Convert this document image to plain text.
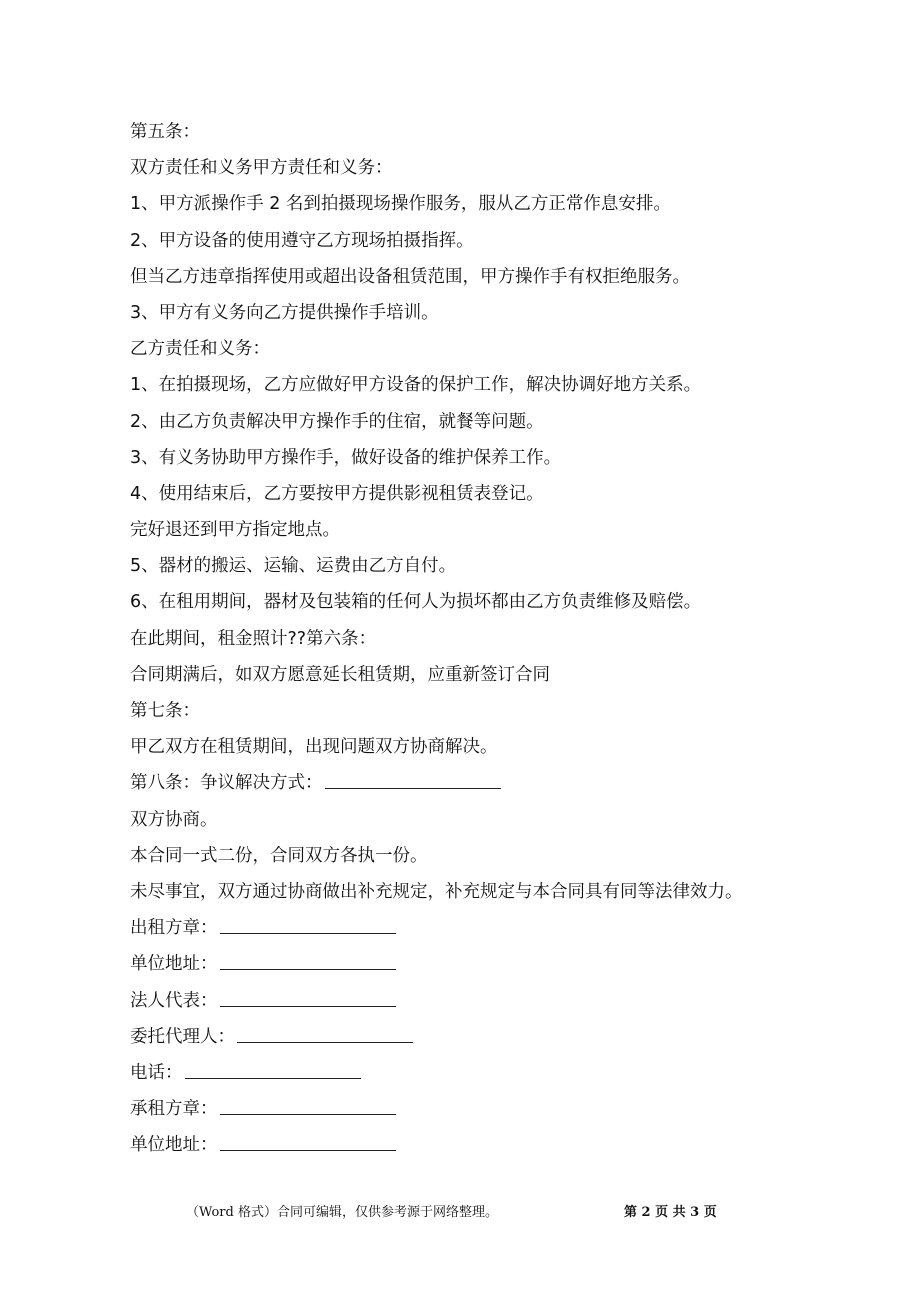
第五条：
双方责任和义务甲方责任和义务：
1、甲方派操作手 2 名到拍摄现场操作服务，服从乙方正常作息安排。
2、甲方设备的使用遵守乙方现场拍摄指挥。
但当乙方违章指挥使用或超出设备租赁范围，甲方操作手有权拒绝服务。
3、甲方有义务向乙方提供操作手培训。
乙方责任和义务：
1、在拍摄现场，乙方应做好甲方设备的保护工作，解决协调好地方关系。
2、由乙方负责解决甲方操作手的住宿，就餐等问题。
3、有义务协助甲方操作手，做好设备的维护保养工作。
4、使用结束后，乙方要按甲方提供影视租赁表登记。
完好退还到甲方指定地点。
5、器材的搬运、运输、运费由乙方自付。
6、在租用期间，器材及包装箱的任何人为损坏都由乙方负责维修及赔偿。
在此期间，租金照计??第六条：
合同期满后，如双方愿意延长租赁期，应重新签订合同
第七条：
甲乙双方在租赁期间，出现问题双方协商解决。
第八条：争议解决方式：
双方协商。
本合同一式二份，合同双方各执一份。
未尽事宜，双方通过协商做出补充规定，补充规定与本合同具有同等法律效力。
出租方章：
单位地址：
法人代表：
委托代理人：
电话：
承租方章：
单位地址：
（Word 格式）合同可编辑，仅供参考源于网络整理。	第 2 页 共 3 页
